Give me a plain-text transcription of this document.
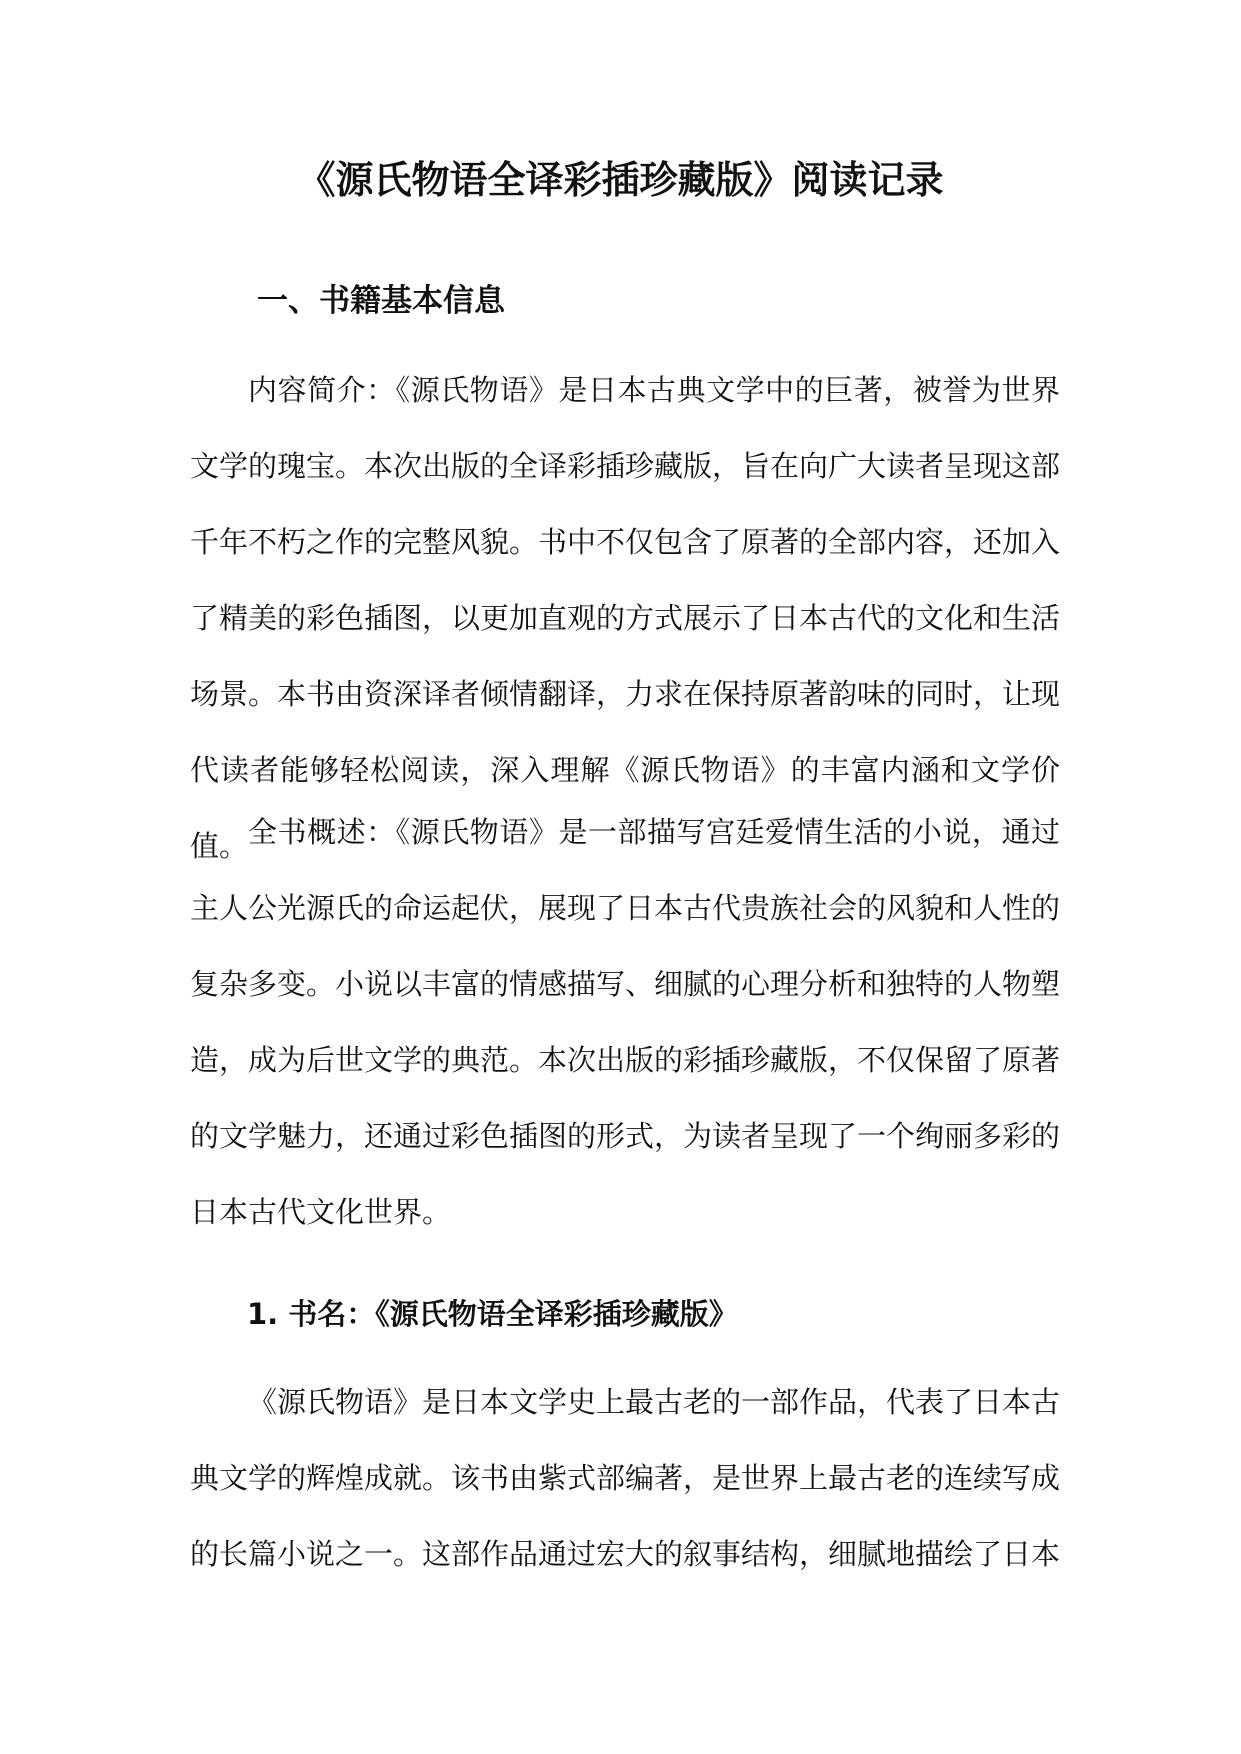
《源氏物语全译彩插珍藏版》阅读记录
一、书籍基本信息

内容简介：《源氏物语》是日本古典文学中的巨著，被誉为世界文学的瑰宝。本次出版的全译彩插珍藏版，旨在向广大读者呈现这部千年不朽之作的完整风貌。书中不仅包含了原著的全部内容，还加入了精美的彩色插图，以更加直观的方式展示了日本古代的文化和生活场景。本书由资深译者倾情翻译，力求在保持原著韵味的同时，让现代读者能够轻松阅读，深入理解《源氏物语》的丰富内涵和文学价值。 全书概述：《源氏物语》是一部描写宫廷爱情生活的小说，通过主人公光源氏的命运起伏，展现了日本古代贵族社会的风貌和人性的复杂多变。小说以丰富的情感描写、细腻的心理分析和独特的人物塑造，成为后世文学的典范。本次出版的彩插珍藏版，不仅保留了原著的文学魅力，还通过彩色插图的形式，为读者呈现了一个绚丽多彩的日本古代文化世界。

1. 书名：《源氏物语全译彩插珍藏版》

《源氏物语》是日本文学史上最古老的一部作品，代表了日本古典文学的辉煌成就。该书由紫式部编著，是世界上最古老的连续写成的长篇小说之一。这部作品通过宏大的叙事结构，细腻地描绘了日本
